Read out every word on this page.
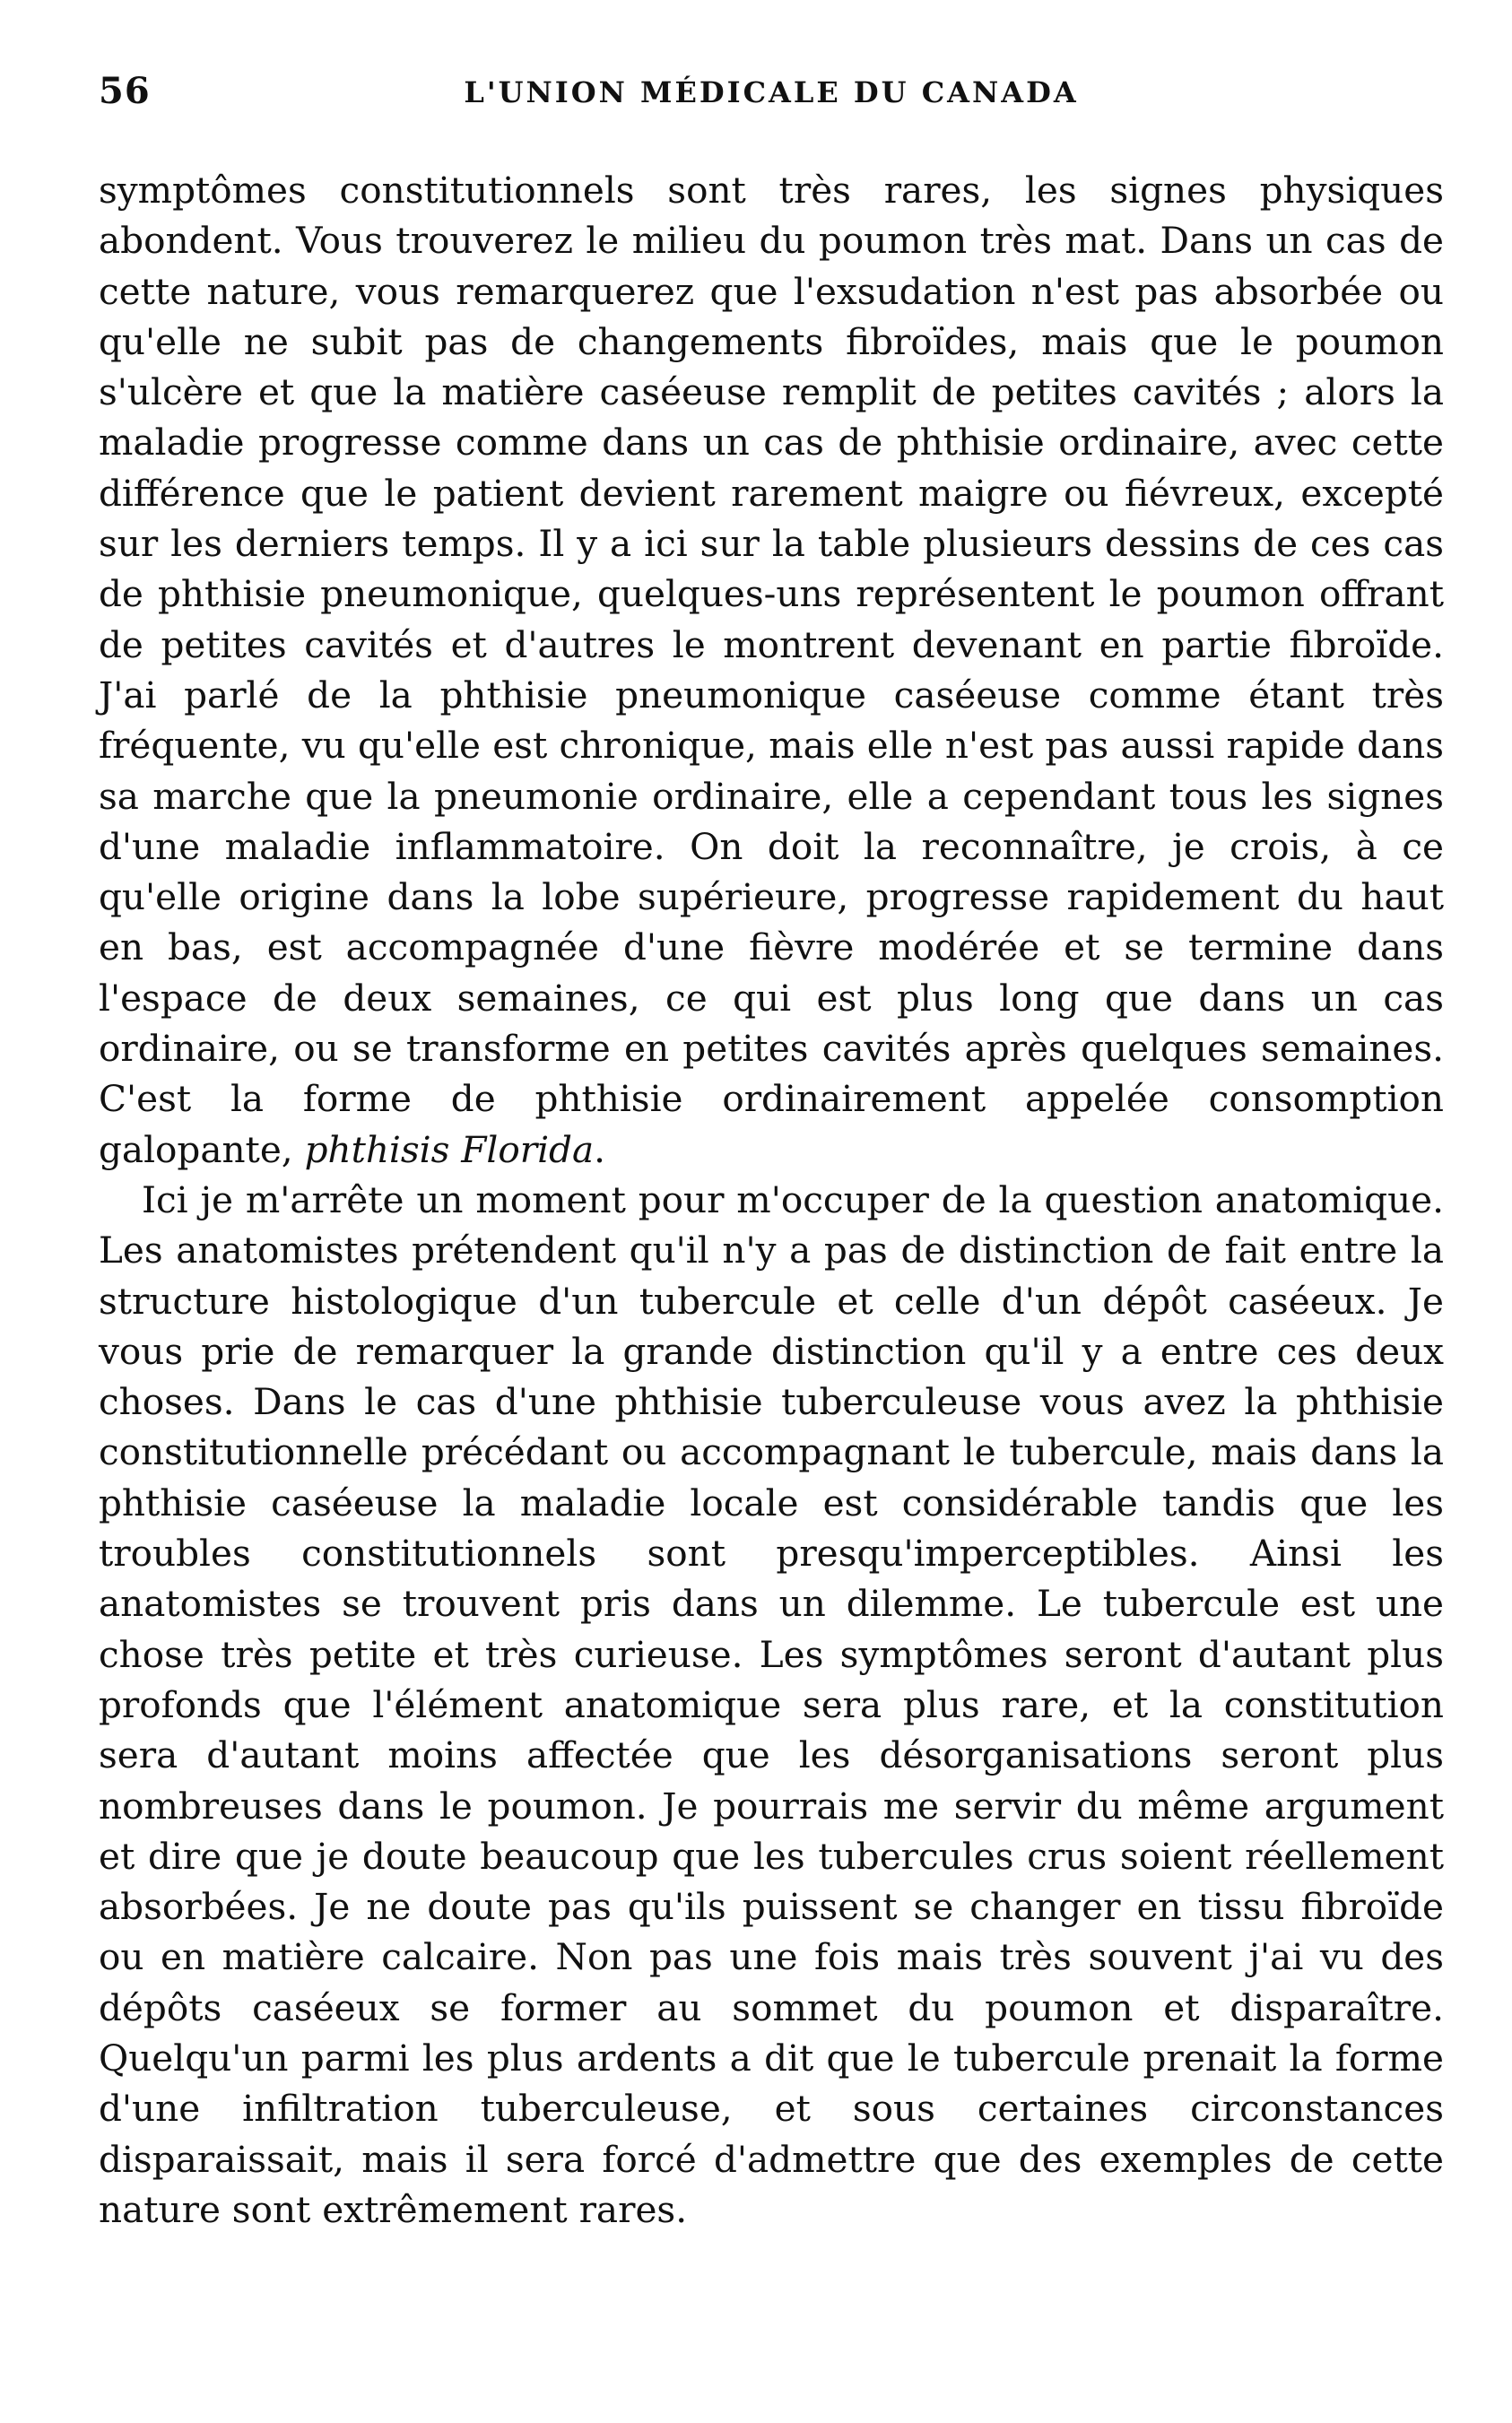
56	L'UNION MÉDICALE DU CANADA

symptômes constitutionnels sont très rares, les signes physiques abondent. Vous trouverez le milieu du poumon très mat. Dans un cas de cette nature, vous remarquerez que l'exsudation n'est pas absorbée ou qu'elle ne subit pas de changements fibroïdes, mais que le poumon s'ulcère et que la matière caséeuse remplit de petites cavités ; alors la maladie progresse comme dans un cas de phthisie ordinaire, avec cette différence que le patient devient rarement maigre ou fiévreux, excepté sur les derniers temps. Il y a ici sur la table plusieurs dessins de ces cas de phthisie pneumonique, quelques-uns représentent le poumon offrant de petites cavités et d'autres le montrent devenant en partie fibroïde. J'ai parlé de la phthisie pneumonique caséeuse comme étant très fréquente, vu qu'elle est chronique, mais elle n'est pas aussi rapide dans sa marche que la pneumonie ordinaire, elle a cependant tous les signes d'une maladie inflammatoire. On doit la reconnaître, je crois, à ce qu'elle origine dans la lobe supérieure, progresse rapidement du haut en bas, est accompagnée d'une fièvre modérée et se termine dans l'espace de deux semaines, ce qui est plus long que dans un cas ordinaire, ou se transforme en petites cavités après quelques semaines. C'est la forme de phthisie ordinairement appelée consomption galopante, phthisis Florida.

Ici je m'arrête un moment pour m'occuper de la question anatomique. Les anatomistes prétendent qu'il n'y a pas de distinction de fait entre la structure histologique d'un tubercule et celle d'un dépôt caséeux. Je vous prie de remarquer la grande distinction qu'il y a entre ces deux choses. Dans le cas d'une phthisie tuberculeuse vous avez la phthisie constitutionnelle précédant ou accompagnant le tubercule, mais dans la phthisie caséeuse la maladie locale est considérable tandis que les troubles constitutionnels sont presqu'imperceptibles. Ainsi les anatomistes se trouvent pris dans un dilemme. Le tubercule est une chose très petite et très curieuse. Les symptômes seront d'autant plus profonds que l'élément anatomique sera plus rare, et la constitution sera d'autant moins affectée que les désorganisations seront plus nombreuses dans le poumon. Je pourrais me servir du même argument et dire que je doute beaucoup que les tubercules crus soient réellement absorbées. Je ne doute pas qu'ils puissent se changer en tissu fibroïde ou en matière calcaire. Non pas une fois mais très souvent j'ai vu des dépôts caséeux se former au sommet du poumon et disparaître. Quelqu'un parmi les plus ardents a dit que le tubercule prenait la forme d'une infiltration tuberculeuse, et sous certaines circonstances disparaissait, mais il sera forcé d'admettre que des exemples de cette nature sont extrêmement rares.
